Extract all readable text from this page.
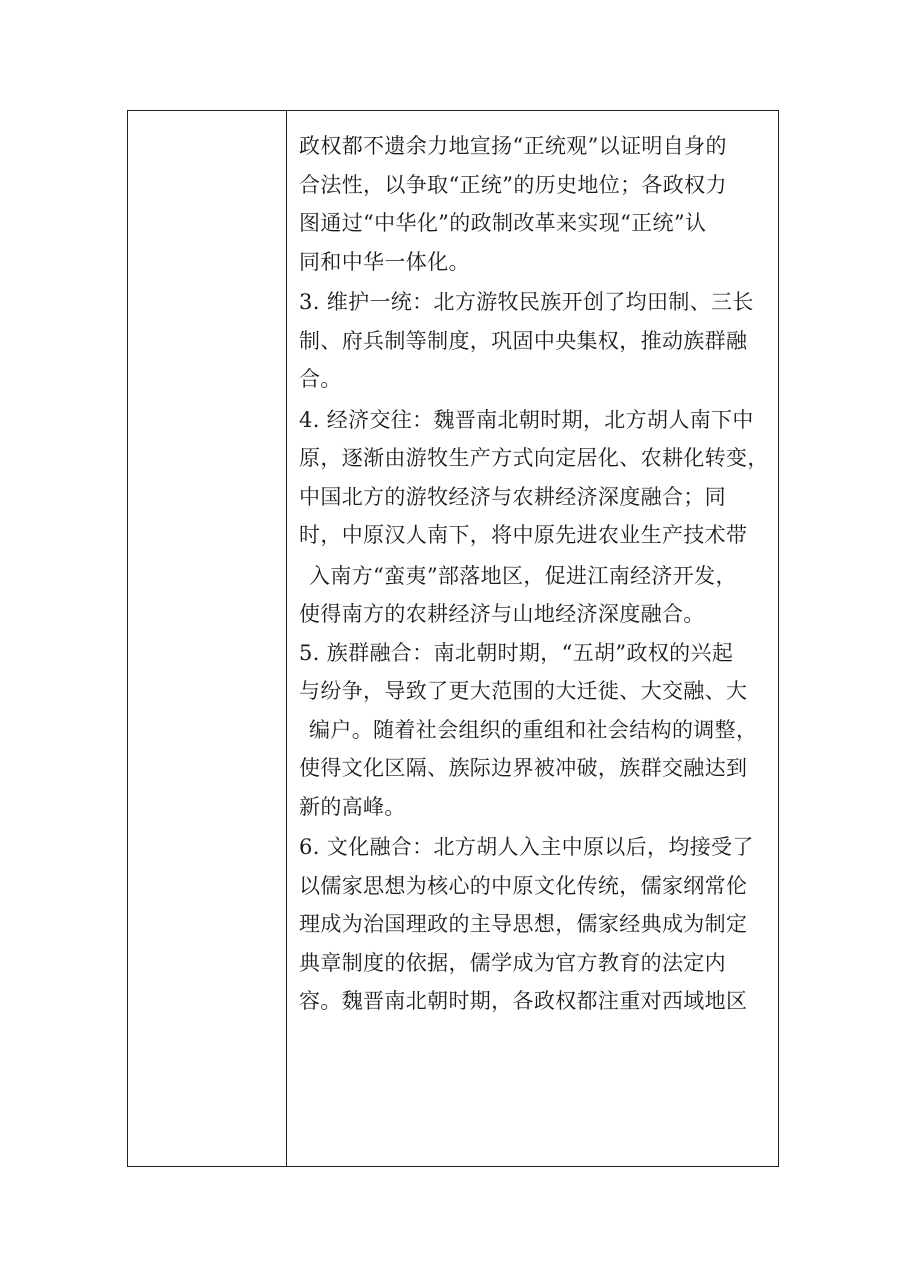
政权都不遗余力地宣扬“正统观”以证明自身的
合法性，以争取“正统”的历史地位；各政权力
图通过“中华化”的政制改革来实现“正统”认
同和中华一体化。
3. 维护一统：北方游牧民族开创了均田制、三长
制、府兵制等制度，巩固中央集权，推动族群融
合。
4. 经济交往：魏晋南北朝时期，北方胡人南下中
原，逐渐由游牧生产方式向定居化、农耕化转变，
中国北方的游牧经济与农耕经济深度融合；同
时，中原汉人南下，将中原先进农业生产技术带
入南方“蛮夷”部落地区，促进江南经济开发，
使得南方的农耕经济与山地经济深度融合。
5. 族群融合：南北朝时期，“五胡”政权的兴起
与纷争，导致了更大范围的大迁徙、大交融、大
编户。随着社会组织的重组和社会结构的调整，
使得文化区隔、族际边界被冲破，族群交融达到
新的高峰。
6. 文化融合：北方胡人入主中原以后，均接受了
以儒家思想为核心的中原文化传统，儒家纲常伦
理成为治国理政的主导思想，儒家经典成为制定
典章制度的依据，儒学成为官方教育的法定内
容。魏晋南北朝时期，各政权都注重对西域地区
